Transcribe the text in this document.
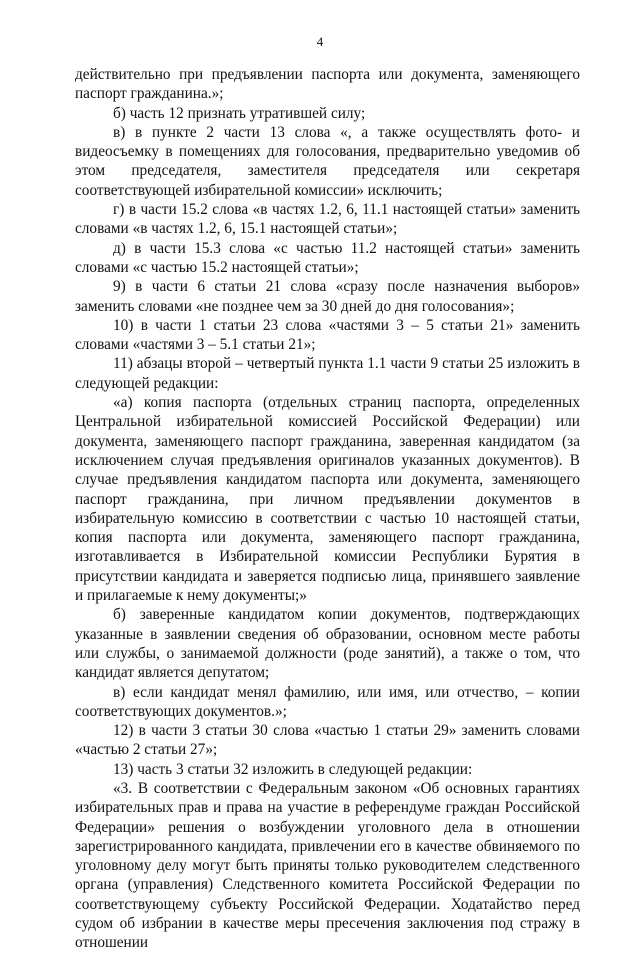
4

действительно при предъявлении паспорта или документа, заменяющего паспорт гражданина.»;

б) часть 12 признать утратившей силу;

в) в пункте 2 части 13 слова «, а также осуществлять фото- и видеосъемку в помещениях для голосования, предварительно уведомив об этом председателя, заместителя председателя или секретаря соответствующей избирательной комиссии» исключить;

г) в части 15.2 слова «в частях 1.2, 6, 11.1 настоящей статьи» заменить словами «в частях 1.2, 6, 15.1 настоящей статьи»;

д) в части 15.3 слова «с частью 11.2 настоящей статьи» заменить словами «с частью 15.2 настоящей статьи»;

9) в части 6 статьи 21 слова «сразу после назначения выборов» заменить словами «не позднее чем за 30 дней до дня голосования»;

10) в части 1 статьи 23 слова «частями 3 – 5 статьи 21» заменить словами «частями 3 – 5.1 статьи 21»;

11) абзацы второй – четвертый пункта 1.1 части 9 статьи 25 изложить в следующей редакции:

«а) копия паспорта (отдельных страниц паспорта, определенных Центральной избирательной комиссией Российской Федерации) или документа, заменяющего паспорт гражданина, заверенная кандидатом (за исключением случая предъявления оригиналов указанных документов). В случае предъявления кандидатом паспорта или документа, заменяющего паспорт гражданина, при личном предъявлении документов в избирательную комиссию в соответствии с частью 10 настоящей статьи, копия паспорта или документа, заменяющего паспорт гражданина, изготавливается в Избирательной комиссии Республики Бурятия в присутствии кандидата и заверяется подписью лица, принявшего заявление и прилагаемые к нему документы;»

б) заверенные кандидатом копии документов, подтверждающих указанные в заявлении сведения об образовании, основном месте работы или службы, о занимаемой должности (роде занятий), а также о том, что кандидат является депутатом;

в) если кандидат менял фамилию, или имя, или отчество, – копии соответствующих документов.»;

12) в части 3 статьи 30 слова «частью 1 статьи 29» заменить словами «частью 2 статьи 27»;

13) часть 3 статьи 32 изложить в следующей редакции:

«3. В соответствии с Федеральным законом «Об основных гарантиях избирательных прав и права на участие в референдуме граждан Российской Федерации» решения о возбуждении уголовного дела в отношении зарегистрированного кандидата, привлечении его в качестве обвиняемого по уголовному делу могут быть приняты только руководителем следственного органа (управления) Следственного комитета Российской Федерации по соответствующему субъекту Российской Федерации. Ходатайство перед судом об избрании в качестве меры пресечения заключения под стражу в отношении
